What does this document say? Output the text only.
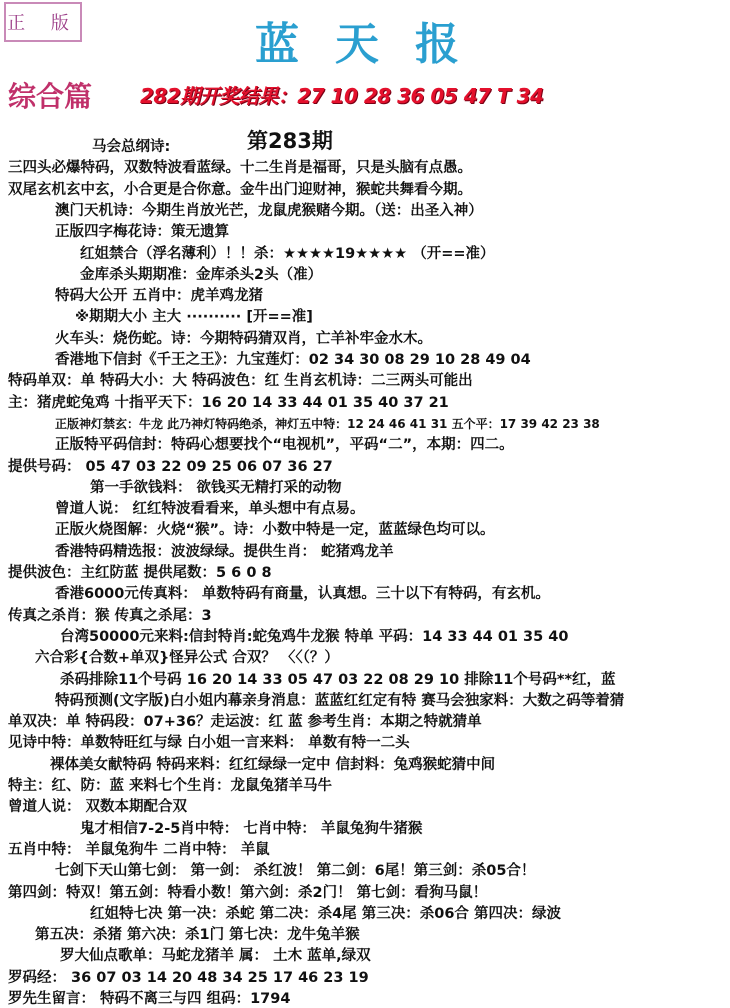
正 版	蓝天报
综合篇 282期开奖结果：27 10 28 36 05 47 T 34
马会总纲诗:	第283期
三四头必爆特码，双数特波看蓝绿。十二生肖是福哥，只是头脑有点愚。
双尾玄机玄中玄，小合更是合你意。金牛出门迎财神，猴蛇共舞看今期。
澳门天机诗：今期生肖放光芒，龙鼠虎猴赌今期。（送：出圣入神）
正版四字梅花诗：策无遗算
红姐禁合（浮名薄利）！！杀：★★★★19★★★★ （开==准）
金库杀头期期准：金库杀头2头（准）
特码大公开 五肖中：虎羊鸡龙猪
※期期大小 主大 ·········· [开==准]
火车头：烧伤蛇。诗：今期特码猜双肖，亡羊补牢金水木。
香港地下信封《千王之王》：九宝莲灯：02 34 30 08 29 10 28 49 04
特码单双：单 特码大小：大 特码波色：红 生肖玄机诗：二三两头可能出
主：猪虎蛇兔鸡 十指平天下：16 20 14 33 44 01 35 40 37 21
正版神灯禁玄：牛龙 此乃神灯特码绝杀，神灯五中特：12 24 46 41 31 五个平：17 39 42 23 38
正版特平码信封：特码心想要找个“电视机”，平码“二”，本期：四二。
提供号码： 05 47 03 22 09 25 06 07 36 27
第一手欲钱料： 欲钱买无精打采的动物
曾道人说： 红红特波看看来，单头想中有点易。
正版火烧图解：火烧“猴”。诗：小数中特是一定，蓝蓝绿色均可以。
香港特码精选报：波波绿绿。提供生肖： 蛇猪鸡龙羊
提供波色：主红防蓝 提供尾数：5 6 0 8
香港6000元传真料： 单数特码有商量，认真想。三十以下有特码，有玄机。
传真之杀肖：猴 传真之杀尾：3
台湾50000元来料:信封特肖:蛇兔鸡牛龙猴 特单 平码：14 33 44 01 35 40
六合彩{合数+单双}怪异公式 合双？ 〈〈（？）
杀码排除11个号码 16 20 14 33 05 47 03 22 08 29 10 排除11个号码**红，蓝
特码预测(文字版)白小姐内幕亲身消息：蓝蓝红红定有特 赛马会独家料：大数之码等着猜
单双决：单 特码段：07+36？走运波：红 蓝 参考生肖：本期之特就猜单
见诗中特：单数特旺红与绿 白小姐一言来料： 单数有特一二头
裸体美女献特码 特码来料：红红绿绿一定中 信封料：兔鸡猴蛇猜中间
特主：红、防：蓝 来料七个生肖：龙鼠兔猪羊马牛
曾道人说： 双数本期配合双
鬼才相信7-2-5肖中特： 七肖中特： 羊鼠兔狗牛猪猴
五肖中特： 羊鼠兔狗牛 二肖中特： 羊鼠
七剑下天山第七剑： 第一剑： 杀红波！ 第二剑：6尾！第三剑：杀05合！
第四剑：特双！第五剑：特看小数！第六剑：杀2门！ 第七剑：看狗马鼠！
红姐特七决 第一决：杀蛇 第二决：杀4尾 第三决：杀06合 第四决：绿波
第五决：杀猪 第六决：杀1门 第七决：龙牛兔羊猴
罗大仙点歌单：马蛇龙猪羊 属： 土木 蓝单,绿双
罗码经： 36 07 03 14 20 48 34 25 17 46 23 19
罗先生留言： 特码不离三与四 组码：1794
